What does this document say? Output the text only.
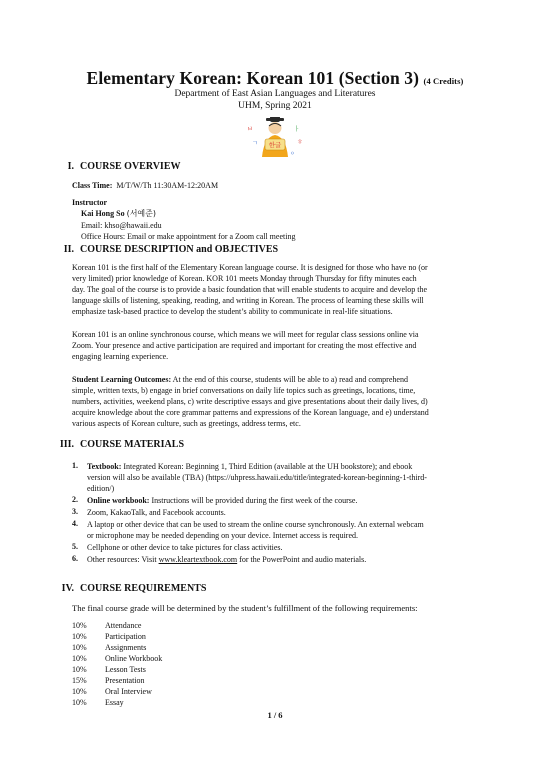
Elementary Korean: Korean 101 (Section 3) (4 Credits)
Department of East Asian Languages and Literatures
UHM, Spring 2021
ㅂ
ㄱ
ㅏ
ㅎ
ㅇ
한글
I. COURSE OVERVIEW
Class Time: M/T/W/Th 11:30AM-12:20AM
Instructor
Kai Hong So (서예준)
Email: khso@hawaii.edu
Office Hours: Email or make appointment for a Zoom call meeting
II. COURSE DESCRIPTION and OBJECTIVES
Korean 101 is the first half of the Elementary Korean language course. It is designed for those who have no (or
very limited) prior knowledge of Korean. KOR 101 meets Monday through Thursday for fifty minutes each
day. The goal of the course is to provide a basic foundation that will enable students to acquire and develop the
language skills of listening, speaking, reading, and writing in Korean. The process of learning these skills will
emphasize task-based practice to develop the student’s ability to communicate in real-life situations.
Korean 101 is an online synchronous course, which means we will meet for regular class sessions online via
Zoom. Your presence and active participation are required and important for creating the most effective and
engaging learning experience.
Student Learning Outcomes: At the end of this course, students will be able to a) read and comprehend
simple, written texts, b) engage in brief conversations on daily life topics such as greetings, locations, time,
numbers, activities, weekend plans, c) write descriptive essays and give presentations about their daily lives, d)
acquire knowledge about the core grammar patterns and expressions of the Korean language, and e) understand
various aspects of Korean culture, such as greetings, address terms, etc.
III. COURSE MATERIALS
1. Textbook: Integrated Korean: Beginning 1, Third Edition (available at the UH bookstore); and ebook
version will also be available (TBA) (https://uhpress.hawaii.edu/title/integrated-korean-beginning-1-third-
edition/)
2. Online workbook: Instructions will be provided during the first week of the course.
3. Zoom, KakaoTalk, and Facebook accounts.
4. A laptop or other device that can be used to stream the online course synchronously. An external webcam
or microphone may be needed depending on your device. Internet access is required.
5. Cellphone or other device to take pictures for class activities.
6. Other resources: Visit www.kleartextbook.com for the PowerPoint and audio materials.
IV. COURSE REQUIREMENTS
The final course grade will be determined by the student’s fulfillment of the following requirements:
10% Attendance
10% Participation
10% Assignments
10% Online Workbook
10% Lesson Tests
15% Presentation
10% Oral Interview
10% Essay
1 / 6
